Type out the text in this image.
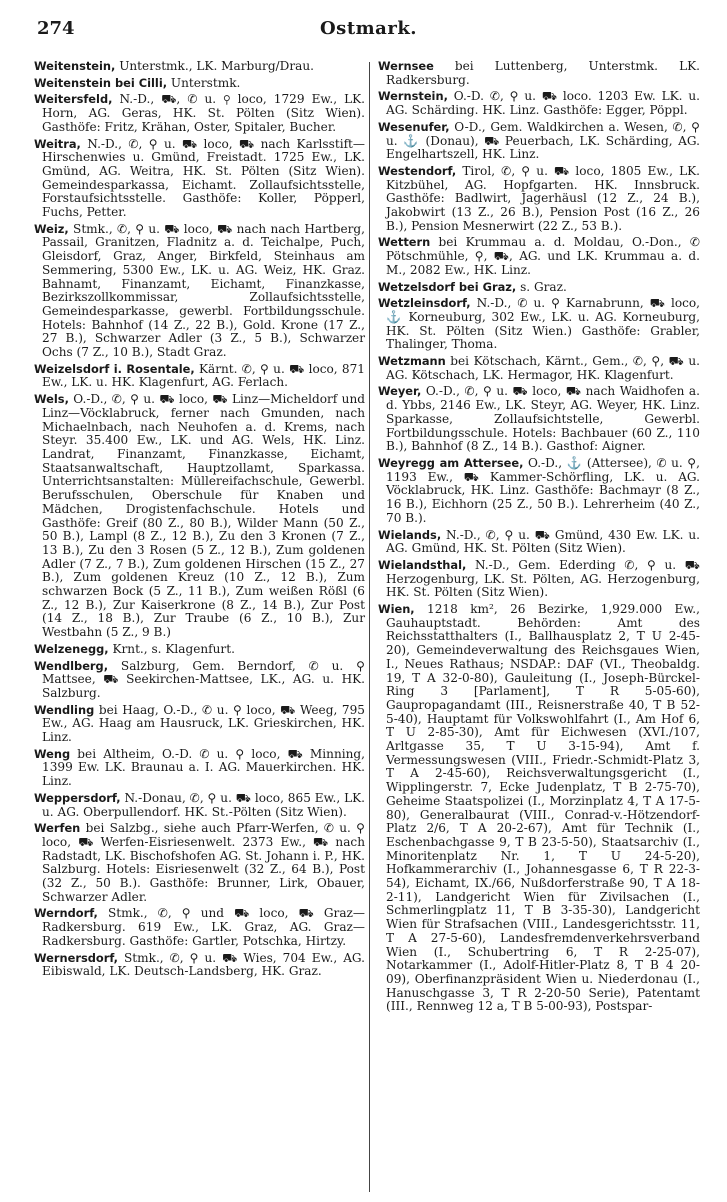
274	Ostmark.

Weitenstein, Unterstmk., LK. Marburg/Drau.

Weitenstein bei Cilli, Unterstmk.

Weitersfeld, N.-D., ⛟, ✆ u. ⚲ loco, 1729 Ew., LK. Horn, AG. Geras, HK. St. Pölten (Sitz Wien). Gasthöfe: Fritz, Krähan, Oster, Spitaler, Bucher.

Weitra, N.-D., ✆, ⚲ u. ⛟ loco, ⛟ nach Karlsstift—Hirschenwies u. Gmünd, Freistadt. 1725 Ew., LK. Gmünd, AG. Weitra, HK. St. Pölten (Sitz Wien). Gemeindesparkassa, Eichamt. Zollaufsichtsstelle, Forstaufsichtsstelle. Gasthöfe: Koller, Pöpperl, Fuchs, Petter.

Weiz, Stmk., ✆, ⚲ u. ⛟ loco, ⛟ nach nach Hartberg, Passail, Granitzen, Fladnitz a. d. Teichalpe, Puch, Gleisdorf, Graz, Anger, Birkfeld, Steinhaus am Semmering, 5300 Ew., LK. u. AG. Weiz, HK. Graz. Bahnamt, Finanzamt, Eichamt, Finanzkasse, Bezirkszollkommissar, Zollaufsichtsstelle, Gemeindesparkasse, gewerbl. Fortbildungsschule. Hotels: Bahnhof (14 Z., 22 B.), Gold. Krone (17 Z., 27 B.), Schwarzer Adler (3 Z., 5 B.), Schwarzer Ochs (7 Z., 10 B.), Stadt Graz.

Weizelsdorf i. Rosentale, Kärnt. ✆, ⚲ u. ⛟ loco, 871 Ew., LK. u. HK. Klagenfurt, AG. Ferlach.

Wels, O.-D., ✆, ⚲ u. ⛟ loco, ⛟ Linz—Micheldorf und Linz—Vöcklabruck, ferner nach Gmunden, nach Michaelnbach, nach Neuhofen a. d. Krems, nach Steyr. 35.400 Ew., LK. und AG. Wels, HK. Linz. Landrat, Finanzamt, Finanzkasse, Eichamt, Staatsanwaltschaft, Hauptzollamt, Sparkassa. Unterrichtsanstalten: Müllereifachschule, Gewerbl. Berufsschulen, Oberschule für Knaben und Mädchen, Drogistenfachschule. Hotels und Gasthöfe: Greif (80 Z., 80 B.), Wilder Mann (50 Z., 50 B.), Lampl (8 Z., 12 B.), Zu den 3 Kronen (7 Z., 13 B.), Zu den 3 Rosen (5 Z., 12 B.), Zum goldenen Adler (7 Z., 7 B.), Zum goldenen Hirschen (15 Z., 27 B.), Zum goldenen Kreuz (10 Z., 12 B.), Zum schwarzen Bock (5 Z., 11 B.), Zum weißen Rößl (6 Z., 12 B.), Zur Kaiserkrone (8 Z., 14 B.), Zur Post (14 Z., 18 B.), Zur Traube (6 Z., 10 B.), Zur Westbahn (5 Z., 9 B.)

Welzenegg, Krnt., s. Klagenfurt.

Wendlberg, Salzburg, Gem. Berndorf, ✆ u. ⚲ Mattsee, ⛟ Seekirchen-Mattsee, LK., AG. u. HK. Salzburg.

Wendling bei Haag, O.-D., ✆ u. ⚲ loco, ⛟ Weeg, 795 Ew., AG. Haag am Hausruck, LK. Grieskirchen, HK. Linz.

Weng bei Altheim, O.-D. ✆ u. ⚲ loco, ⛟ Minning, 1399 Ew. LK. Braunau a. I. AG. Mauerkirchen. HK. Linz.

Weppersdorf, N.-Donau, ✆, ⚲ u. ⛟ loco, 865 Ew., LK. u. AG. Oberpullendorf. HK. St.-Pölten (Sitz Wien).

Werfen bei Salzbg., siehe auch Pfarr-Werfen, ✆ u. ⚲ loco, ⛟ Werfen-Eisriesenwelt. 2373 Ew., ⛟ nach Radstadt, LK. Bischofshofen AG. St. Johann i. P., HK. Salzburg. Hotels: Eisriesenwelt (32 Z., 64 B.), Post (32 Z., 50 B.). Gasthöfe: Brunner, Lirk, Obauer, Schwarzer Adler.

Werndorf, Stmk., ✆, ⚲ und ⛟ loco, ⛟ Graz—Radkersburg. 619 Ew., LK. Graz, AG. Graz—Radkersburg. Gasthöfe: Gartler, Potschka, Hirtzy.

Wernersdorf, Stmk., ✆, ⚲ u. ⛟ Wies, 704 Ew., AG. Eibiswald, LK. Deutsch-Landsberg, HK. Graz.

Wernsee bei Luttenberg, Unterstmk. LK. Radkersburg.

Wernstein, O.-D. ✆, ⚲ u. ⛟ loco. 1203 Ew. LK. u. AG. Schärding. HK. Linz. Gasthöfe: Egger, Pöppl.

Wesenufer, O-D., Gem. Waldkirchen a. Wesen, ✆, ⚲ u. ⚓ (Donau), ⛟ Peuerbach, LK. Schärding, AG. Engelhartszell, HK. Linz.

Westendorf, Tirol, ✆, ⚲ u. ⛟ loco, 1805 Ew., LK. Kitzbühel, AG. Hopfgarten. HK. Innsbruck. Gasthöfe: Badlwirt, Jagerhäusl (12 Z., 24 B.), Jakobwirt (13 Z., 26 B.), Pension Post (16 Z., 26 B.), Pension Mesnerwirt (22 Z., 53 B.).

Wettern bei Krummau a. d. Moldau, O.-Don., ✆ Pötschmühle, ⚲, ⛟, AG. und LK. Krummau a. d. M., 2082 Ew., HK. Linz.

Wetzelsdorf bei Graz, s. Graz.

Wetzleinsdorf, N.-D., ✆ u. ⚲ Karnabrunn, ⛟ loco, ⚓ Korneuburg, 302 Ew., LK. u. AG. Korneuburg, HK. St. Pölten (Sitz Wien.) Gasthöfe: Grabler, Thalinger, Thoma.

Wetzmann bei Kötschach, Kärnt., Gem., ✆, ⚲, ⛟ u. AG. Kötschach, LK. Hermagor, HK. Klagenfurt.

Weyer, O.-D., ✆, ⚲ u. ⛟ loco, ⛟ nach Waidhofen a. d. Ybbs, 2146 Ew., LK. Steyr, AG. Weyer, HK. Linz. Sparkasse, Zollaufsichtstelle, Gewerbl. Fortbildungsschule. Hotels: Bachbauer (60 Z., 110 B.), Bahnhof (8 Z., 14 B.). Gasthof: Aigner.

Weyregg am Attersee, O.-D., ⚓ (Attersee), ✆ u. ⚲, 1193 Ew., ⛟ Kammer-Schörfling, LK. u. AG. Vöcklabruck, HK. Linz. Gasthöfe: Bachmayr (8 Z., 16 B.), Eichhorn (25 Z., 50 B.). Lehrerheim (40 Z., 70 B.).

Wielands, N.-D., ✆, ⚲ u. ⛟ Gmünd, 430 Ew. LK. u. AG. Gmünd, HK. St. Pölten (Sitz Wien).

Wielandsthal, N.-D., Gem. Ederding ✆, ⚲ u. ⛟ Herzogenburg, LK. St. Pölten, AG. Herzogenburg, HK. St. Pölten (Sitz Wien).

Wien, 1218 km², 26 Bezirke, 1,929.000 Ew., Gauhauptstadt. Behörden: Amt des Reichsstatthalters (I., Ballhausplatz 2, T U 2-45-20), Gemeindeverwaltung des Reichsgaues Wien, I., Neues Rathaus; NSDAP.: DAF (VI., Theobaldg. 19, T A 32-0-80), Gauleitung (I., Joseph-Bürckel-Ring 3 [Parlament], T R 5-05-60), Gaupropagandamt (III., Reisnerstraße 40, T B 52-5-40), Hauptamt für Volkswohlfahrt (I., Am Hof 6, T U 2-85-30), Amt für Eichwesen (XVI./107, Arltgasse 35, T U 3-15-94), Amt f. Vermessungswesen (VIII., Friedr.-Schmidt-Platz 3, T A 2-45-60), Reichsverwaltungsgericht (I., Wipplingerstr. 7, Ecke Judenplatz, T B 2-75-70), Geheime Staatspolizei (I., Morzinplatz 4, T A 17-5-80), Generalbaurat (VIII., Conrad-v.-Hötzendorf-Platz 2/6, T A 20-2-67), Amt für Technik (I., Eschenbachgasse 9, T B 23-5-50), Staatsarchiv (I., Minoritenplatz Nr. 1, T U 24-5-20), Hofkammerarchiv (I., Johannesgasse 6, T R 22-3-54), Eichamt, IX./66, Nußdorferstraße 90, T A 18-2-11), Landgericht Wien für Zivilsachen (I., Schmerlingplatz 11, T B 3-35-30), Landgericht Wien für Strafsachen (VIII., Landesgerichtsstr. 11, T A 27-5-60), Landesfremdenverkehrsverband Wien (I., Schubertring 6, T R 2-25-07), Notarkammer (I., Adolf-Hitler-Platz 8, T B 4 20-09), Oberfinanzpräsident Wien u. Niederdonau (I., Hanuschgasse 3, T R 2-20-50 Serie), Patentamt (III., Rennweg 12 a, T B 5-00-93), Postspar-
